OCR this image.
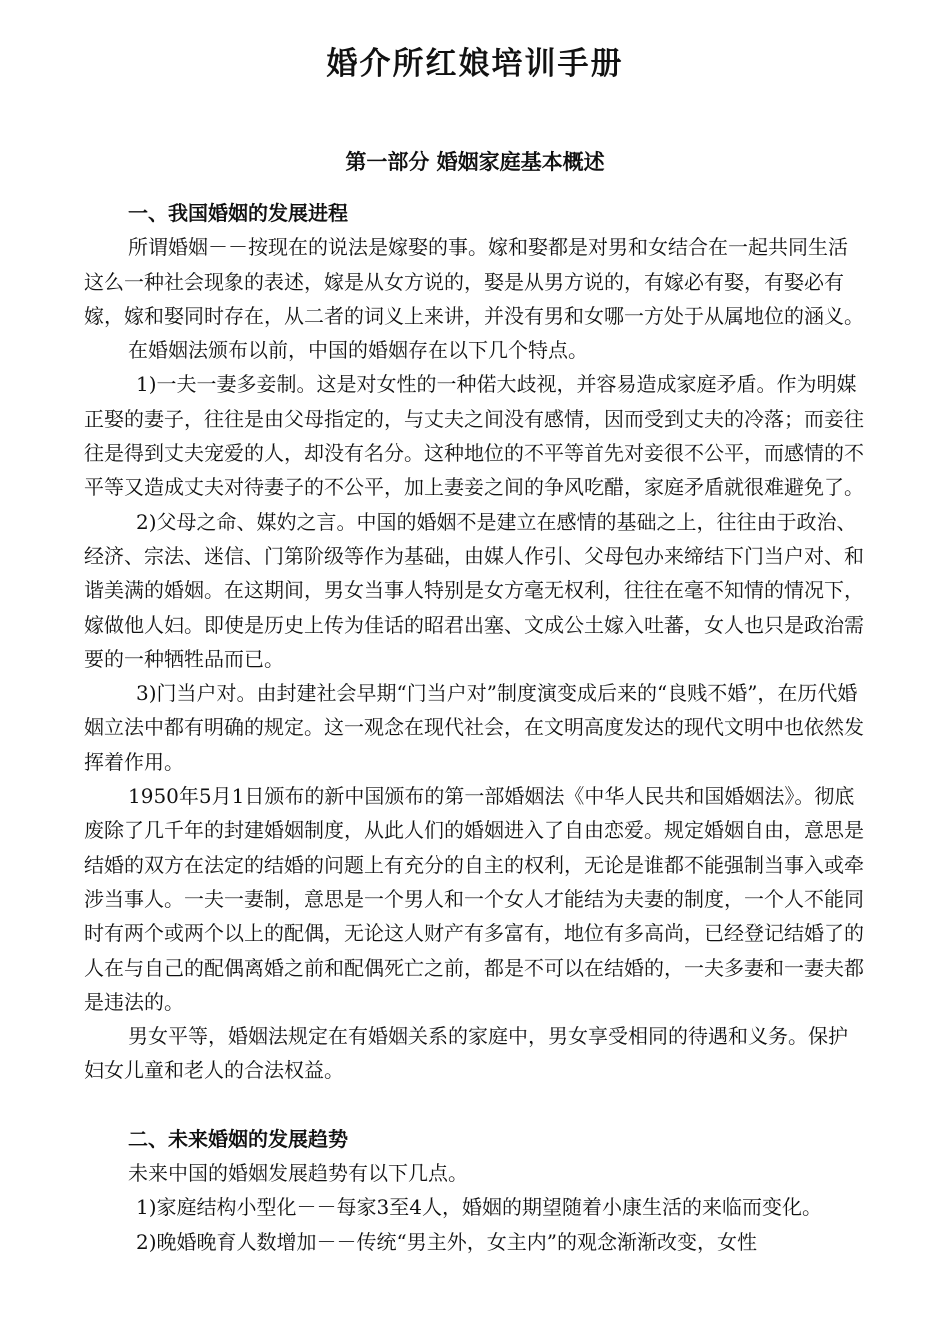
婚介所红娘培训手册
第一部分 婚姻家庭基本概述

一、我国婚姻的发展进程

所谓婚姻－－按现在的说法是嫁娶的事。嫁和娶都是对男和女结合在一起共同生活这么一种社会现象的表述，嫁是从女方说的，娶是从男方说的，有嫁必有娶，有娶必有嫁，嫁和娶同时存在，从二者的词义上来讲，并没有男和女哪一方处于从属地位的涵义。

在婚姻法颁布以前，中国的婚姻存在以下几个特点。

1)一夫一妻多妾制。这是对女性的一种偌大歧视，并容易造成家庭矛盾。作为明媒正娶的妻子，往往是由父母指定的，与丈夫之间没有感情，因而受到丈夫的冷落；而妾往往是得到丈夫宠爱的人，却没有名分。这种地位的不平等首先对妾很不公平，而感情的不平等又造成丈夫对待妻子的不公平，加上妻妾之间的争风吃醋，家庭矛盾就很难避免了。

2)父母之命、媒妁之言。中国的婚姻不是建立在感情的基础之上，往往由于政治、经济、宗法、迷信、门第阶级等作为基础，由媒人作引、父母包办来缔结下门当户对、和谐美满的婚姻。在这期间，男女当事人特别是女方毫无权利，往往在毫不知情的情况下，嫁做他人妇。即使是历史上传为佳话的昭君出塞、文成公土嫁入吐蕃，女人也只是政治需要的一种牺牲品而已。

3)门当户对。由封建社会早期“门当户对”制度演变成后来的“良贱不婚”，在历代婚姻立法中都有明确的规定。这一观念在现代社会，在文明高度发达的现代文明中也依然发挥着作用。

1950年5月1日颁布的新中国颁布的第一部婚姻法《中华人民共和国婚姻法》。彻底废除了几千年的封建婚姻制度，从此人们的婚姻进入了自由恋爱。规定婚姻自由，意思是结婚的双方在法定的结婚的问题上有充分的自主的权利，无论是谁都不能强制当事入或牵涉当事人。一夫一妻制，意思是一个男人和一个女人才能结为夫妻的制度，一个人不能同时有两个或两个以上的配偶，无论这人财产有多富有，地位有多高尚，已经登记结婚了的人在与自己的配偶离婚之前和配偶死亡之前，都是不可以在结婚的，一夫多妻和一妻夫都是违法的。

男女平等，婚姻法规定在有婚姻关系的家庭中，男女享受相同的待遇和义务。保护妇女儿童和老人的合法权益。

二、未来婚姻的发展趋势

未来中国的婚姻发展趋势有以下几点。

1)家庭结构小型化－－每家3至4人，婚姻的期望随着小康生活的来临而变化。

2)晚婚晚育人数增加－－传统“男主外，女主内”的观念渐渐改变，女性
